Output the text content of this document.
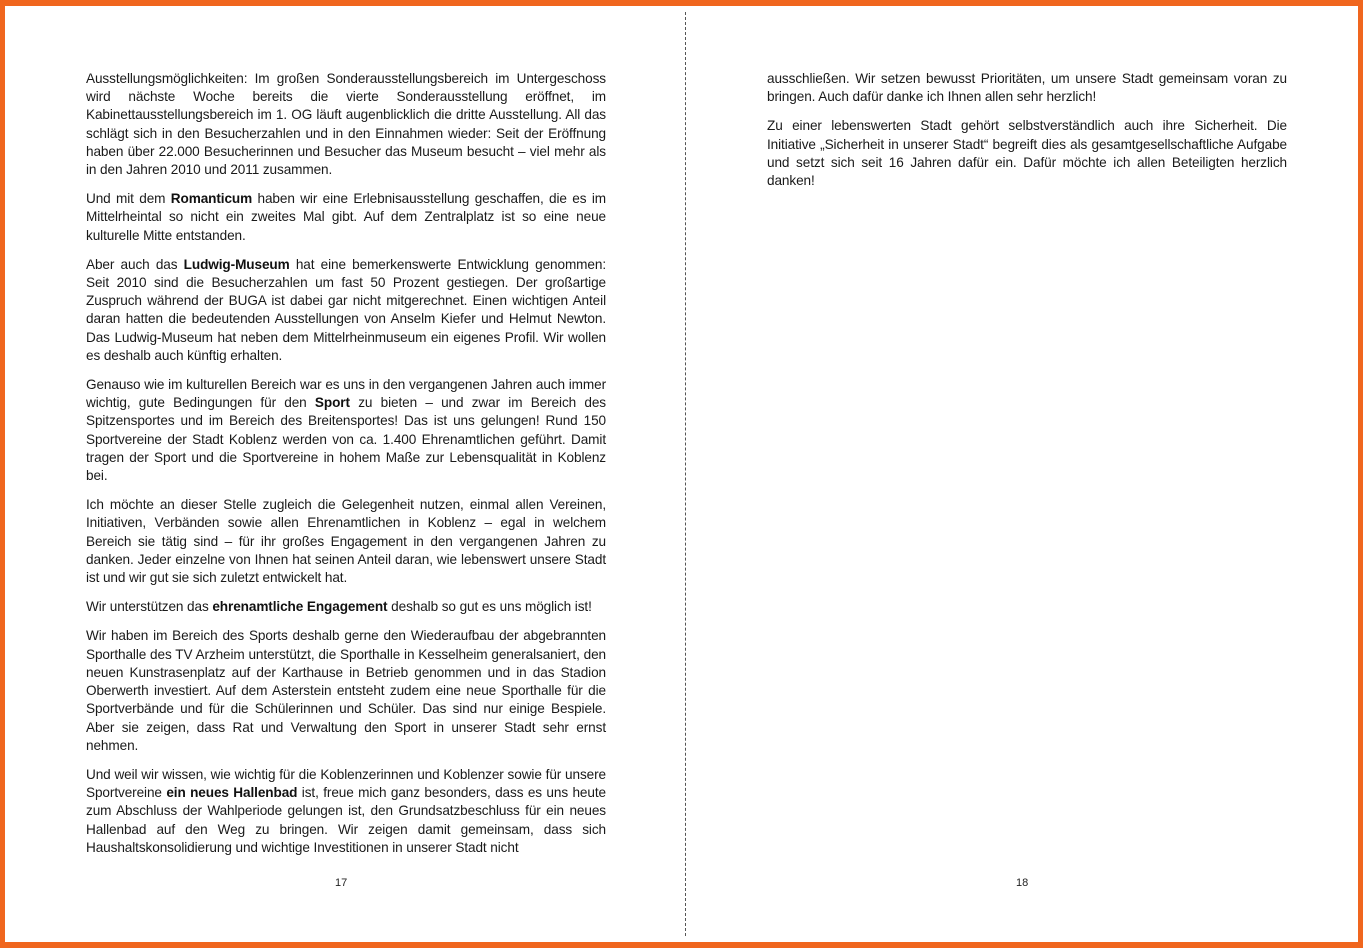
Ausstellungsmöglichkeiten: Im großen Sonderausstellungsbereich im Untergeschoss wird nächste Woche bereits die vierte Sonderausstellung eröffnet, im Kabinettausstellungsbereich im 1. OG läuft augenblicklich die dritte Ausstellung. All das schlägt sich in den Besucherzahlen und in den Einnahmen wieder: Seit der Eröffnung haben über 22.000 Besucherinnen und Besucher das Museum besucht – viel mehr als in den Jahren 2010 und 2011 zusammen.

Und mit dem Romanticum haben wir eine Erlebnisausstellung geschaffen, die es im Mittelrheintal so nicht ein zweites Mal gibt. Auf dem Zentralplatz ist so eine neue kulturelle Mitte entstanden.

Aber auch das Ludwig-Museum hat eine bemerkenswerte Entwicklung genommen: Seit 2010 sind die Besucherzahlen um fast 50 Prozent gestiegen. Der großartige Zuspruch während der BUGA ist dabei gar nicht mitgerechnet. Einen wichtigen Anteil daran hatten die bedeutenden Ausstellungen von Anselm Kiefer und Helmut Newton. Das Ludwig-Museum hat neben dem Mittelrheinmuseum ein eigenes Profil. Wir wollen es deshalb auch künftig erhalten.

Genauso wie im kulturellen Bereich war es uns in den vergangenen Jahren auch immer wichtig, gute Bedingungen für den Sport zu bieten – und zwar im Bereich des Spitzensportes und im Bereich des Breitensportes! Das ist uns gelungen! Rund 150 Sportvereine der Stadt Koblenz werden von ca. 1.400 Ehrenamtlichen geführt. Damit tragen der Sport und die Sportvereine in hohem Maße zur Lebensqualität in Koblenz bei.

Ich möchte an dieser Stelle zugleich die Gelegenheit nutzen, einmal allen Vereinen, Initiativen, Verbänden sowie allen Ehrenamtlichen in Koblenz – egal in welchem Bereich sie tätig sind – für ihr großes Engagement in den vergangenen Jahren zu danken. Jeder einzelne von Ihnen hat seinen Anteil daran, wie lebenswert unsere Stadt ist und wir gut sie sich zuletzt entwickelt hat.

Wir unterstützen das ehrenamtliche Engagement deshalb so gut es uns möglich ist!

Wir haben im Bereich des Sports deshalb gerne den Wiederaufbau der abgebrannten Sporthalle des TV Arzheim unterstützt, die Sporthalle in Kesselheim generalsaniert, den neuen Kunstrasenplatz auf der Karthause in Betrieb genommen und in das Stadion Oberwerth investiert. Auf dem Asterstein entsteht zudem eine neue Sporthalle für die Sportverbände und für die Schülerinnen und Schüler. Das sind nur einige Bespiele. Aber sie zeigen, dass Rat und Verwaltung den Sport in unserer Stadt sehr ernst nehmen.

Und weil wir wissen, wie wichtig für die Koblenzerinnen und Koblenzer sowie für unsere Sportvereine ein neues Hallenbad ist, freue mich ganz besonders, dass es uns heute zum Abschluss der Wahlperiode gelungen ist, den Grundsatzbeschluss für ein neues Hallenbad auf den Weg zu bringen. Wir zeigen damit gemeinsam, dass sich Haushaltskonsolidierung und wichtige Investitionen in unserer Stadt nicht

ausschließen. Wir setzen bewusst Prioritäten, um unsere Stadt gemeinsam voran zu bringen. Auch dafür danke ich Ihnen allen sehr herzlich!

Zu einer lebenswerten Stadt gehört selbstverständlich auch ihre Sicherheit. Die Initiative „Sicherheit in unserer Stadt“ begreift dies als gesamtgesellschaftliche Aufgabe und setzt sich seit 16 Jahren dafür ein. Dafür möchte ich allen Beteiligten herzlich danken!

17	18
